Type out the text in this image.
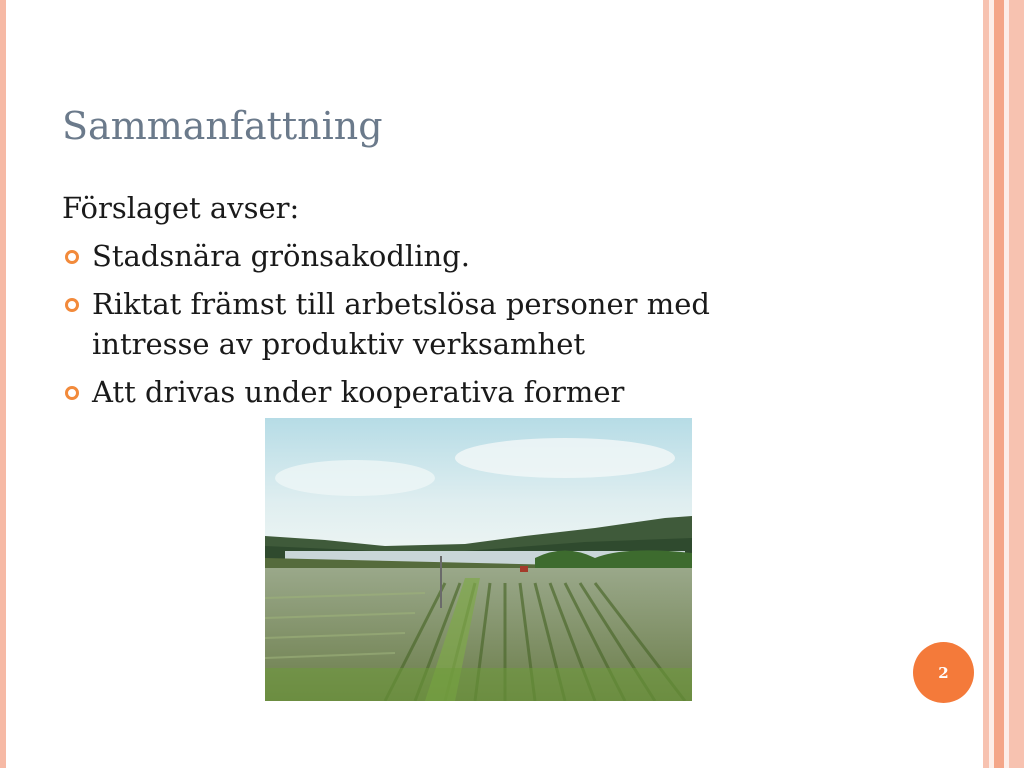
Sammanfattning

Förslaget avser:

Stadsnära grönsakodling.
Riktat främst till arbetslösa personer med intresse av produktiv verksamhet
Att drivas under kooperativa former
2
